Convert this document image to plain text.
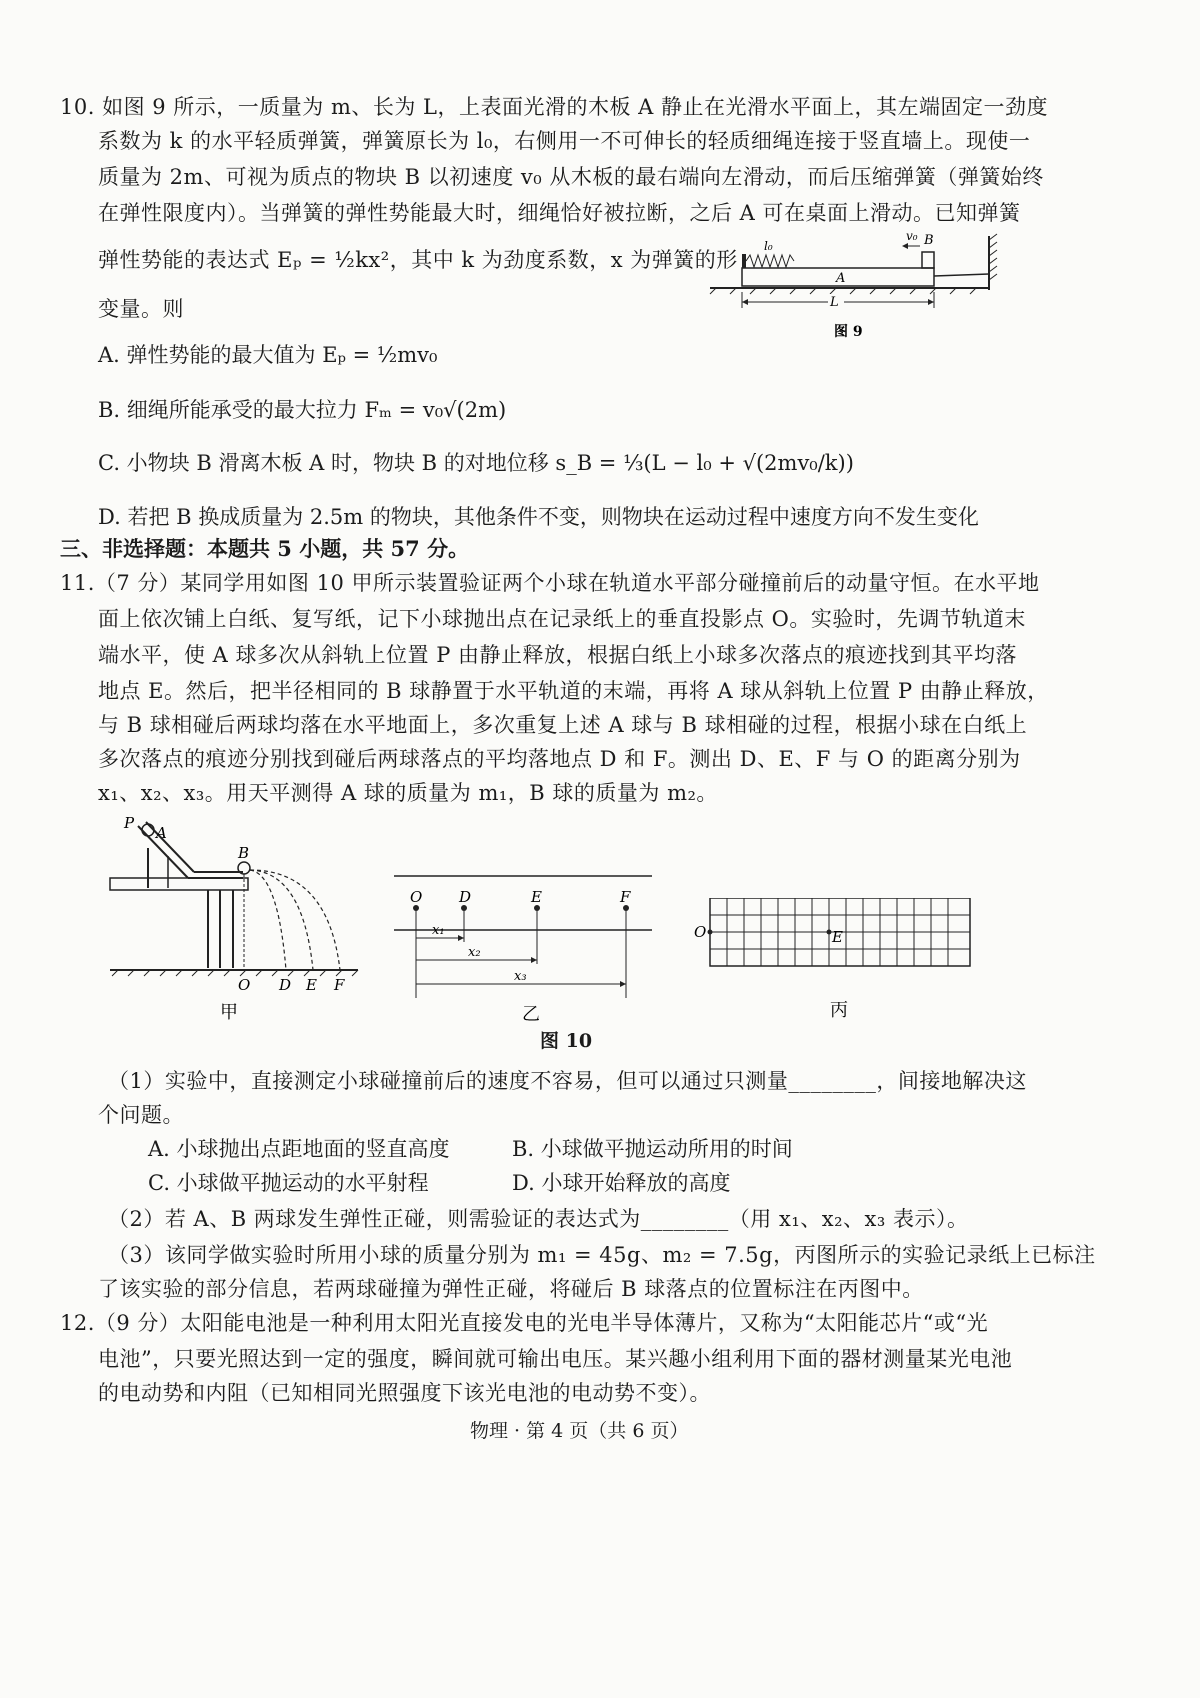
10. 如图 9 所示，一质量为 m、长为 L，上表面光滑的木板 A 静止在光滑水平面上，其左端固定一劲度
系数为 k 的水平轻质弹簧，弹簧原长为 l₀，右侧用一不可伸长的轻质细绳连接于竖直墙上。现使一
质量为 2m、可视为质点的物块 B 以初速度 v₀ 从木板的最右端向左滑动，而后压缩弹簧（弹簧始终
在弹性限度内）。当弹簧的弹性势能最大时，细绳恰好被拉断，之后 A 可在桌面上滑动。已知弹簧
弹性势能的表达式 Eₚ = ½kx²，其中 k 为劲度系数，x 为弹簧的形
变量。则	L
l₀
v₀ B
A
图 9
A. 弹性势能的最大值为 Eₚ = ½mv₀
B. 细绳所能承受的最大拉力 Fₘ = v₀√(2m)
C. 小物块 B 滑离木板 A 时，物块 B 的对地位移 s_B = ⅓(L − l₀ + √(2mv₀/k))
D. 若把 B 换成质量为 2.5m 的物块，其他条件不变，则物块在运动过程中速度方向不发生变化
三、非选择题：本题共 5 小题，共 57 分。
11.（7 分）某同学用如图 10 甲所示装置验证两个小球在轨道水平部分碰撞前后的动量守恒。在水平地
面上依次铺上白纸、复写纸，记下小球抛出点在记录纸上的垂直投影点 O。实验时，先调节轨道末
端水平，使 A 球多次从斜轨上位置 P 由静止释放，根据白纸上小球多次落点的痕迹找到其平均落
地点 E。然后，把半径相同的 B 球静置于水平轨道的末端，再将 A 球从斜轨上位置 P 由静止释放，
与 B 球相碰后两球均落在水平地面上，多次重复上述 A 球与 B 球相碰的过程，根据小球在白纸上
多次落点的痕迹分别找到碰后两球落点的平均落地点 D 和 F。测出 D、E、F 与 O 的距离分别为
x₁、x₂、x₃。用天平测得 A 球的质量为 m₁，B 球的质量为 m₂。
P
A
B
O D E F
甲
O D	E	F
x₁
x₂
x₃
乙
O	E
丙
图 10
（1）实验中，直接测定小球碰撞前后的速度不容易，但可以通过只测量________，间接地解决这
个问题。
A. 小球抛出点距地面的竖直高度	B. 小球做平抛运动所用的时间
C. 小球做平抛运动的水平射程	D. 小球开始释放的高度
（2）若 A、B 两球发生弹性正碰，则需验证的表达式为________（用 x₁、x₂、x₃ 表示）。
（3）该同学做实验时所用小球的质量分别为 m₁ = 45g、m₂ = 7.5g，丙图所示的实验记录纸上已标注
了该实验的部分信息，若两球碰撞为弹性正碰，将碰后 B 球落点的位置标注在丙图中。
12.（9 分）太阳能电池是一种利用太阳光直接发电的光电半导体薄片，又称为“太阳能芯片“或“光
电池”，只要光照达到一定的强度，瞬间就可输出电压。某兴趣小组利用下面的器材测量某光电池
的电动势和内阻（已知相同光照强度下该光电池的电动势不变）。
物理 · 第 4 页（共 6 页）
